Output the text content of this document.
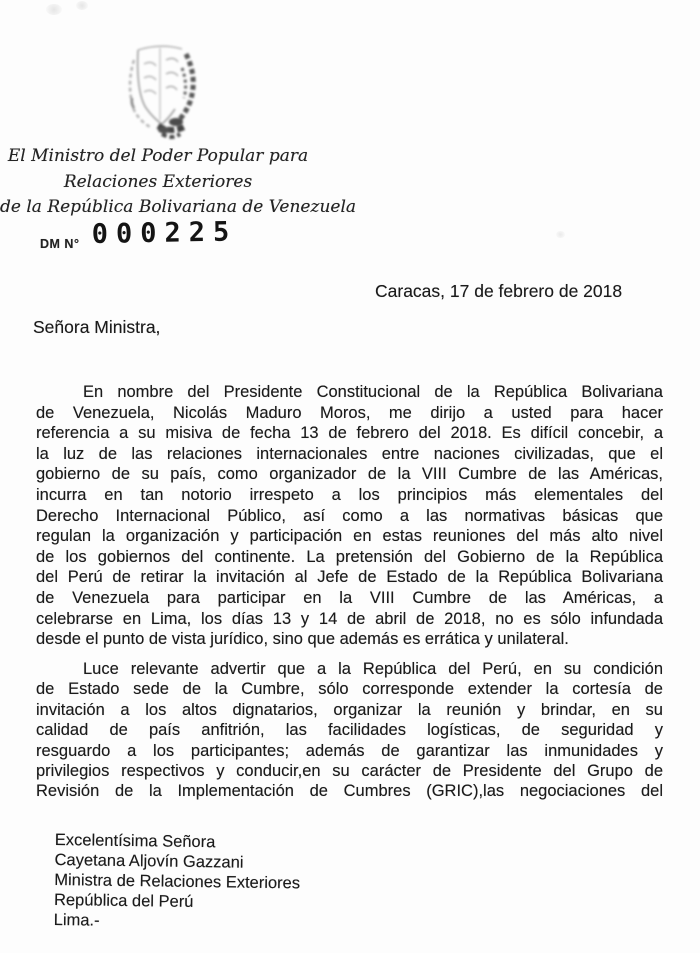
El Ministro del Poder Popular para
Relaciones Exteriores
de la República Bolivariana de Venezuela
DM N° 000225
Caracas, 17 de febrero de 2018
Señora Ministra,
En nombre del Presidente Constitucional de la República Bolivariana
de Venezuela, Nicolás Maduro Moros, me dirijo a usted para hacer
referencia a su misiva de fecha 13 de febrero del 2018. Es difícil concebir, a
la luz de las relaciones internacionales entre naciones civilizadas, que el
gobierno de su país, como organizador de la VIII Cumbre de las Américas,
incurra en tan notorio irrespeto a los principios más elementales del
Derecho Internacional Público, así como a las normativas básicas que
regulan la organización y participación en estas reuniones del más alto nivel
de los gobiernos del continente. La pretensión del Gobierno de la República
del Perú de retirar la invitación al Jefe de Estado de la República Bolivariana
de Venezuela para participar en la VIII Cumbre de las Américas, a
celebrarse en Lima, los días 13 y 14 de abril de 2018, no es sólo infundada
desde el punto de vista jurídico, sino que además es errática y unilateral.
Luce relevante advertir que a la República del Perú, en su condición
de Estado sede de la Cumbre, sólo corresponde extender la cortesía de
invitación a los altos dignatarios, organizar la reunión y brindar, en su
calidad de país anfitrión, las facilidades logísticas, de seguridad y
resguardo a los participantes; además de garantizar las inmunidades y
privilegios respectivos y conducir,en su carácter de Presidente del Grupo de
Revisión de la Implementación de Cumbres (GRIC),las negociaciones del
Excelentísima Señora
Cayetana Aljovín Gazzani
Ministra de Relaciones Exteriores
República del Perú
Lima.-
